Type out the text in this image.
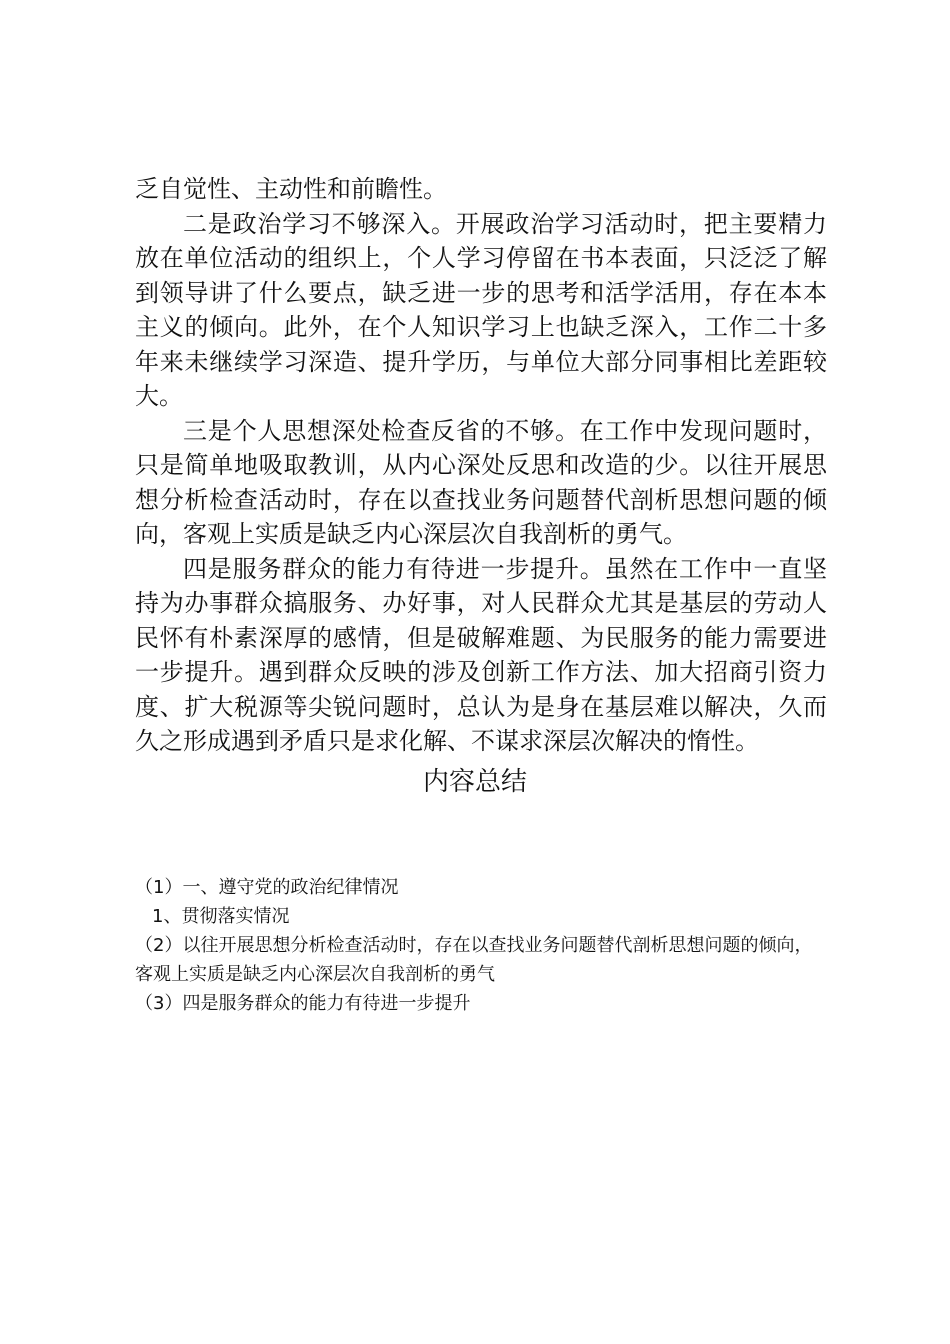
乏自觉性、主动性和前瞻性。

二是政治学习不够深入。开展政治学习活动时，把主要精力放在单位活动的组织上，个人学习停留在书本表面，只泛泛了解到领导讲了什么要点，缺乏进一步的思考和活学活用，存在本本主义的倾向。此外，在个人知识学习上也缺乏深入，工作二十多年来未继续学习深造、提升学历，与单位大部分同事相比差距较大。

三是个人思想深处检查反省的不够。在工作中发现问题时，只是简单地吸取教训，从内心深处反思和改造的少。以往开展思想分析检查活动时，存在以查找业务问题替代剖析思想问题的倾向，客观上实质是缺乏内心深层次自我剖析的勇气。

四是服务群众的能力有待进一步提升。虽然在工作中一直坚持为办事群众搞服务、办好事，对人民群众尤其是基层的劳动人民怀有朴素深厚的感情，但是破解难题、为民服务的能力需要进一步提升。遇到群众反映的涉及创新工作方法、加大招商引资力度、扩大税源等尖锐问题时，总认为是身在基层难以解决，久而久之形成遇到矛盾只是求化解、不谋求深层次解决的惰性。

内容总结

（1）一、遵守党的政治纪律情况

1、贯彻落实情况

（2）以往开展思想分析检查活动时，存在以查找业务问题替代剖析思想问题的倾向，客观上实质是缺乏内心深层次自我剖析的勇气

（3）四是服务群众的能力有待进一步提升
